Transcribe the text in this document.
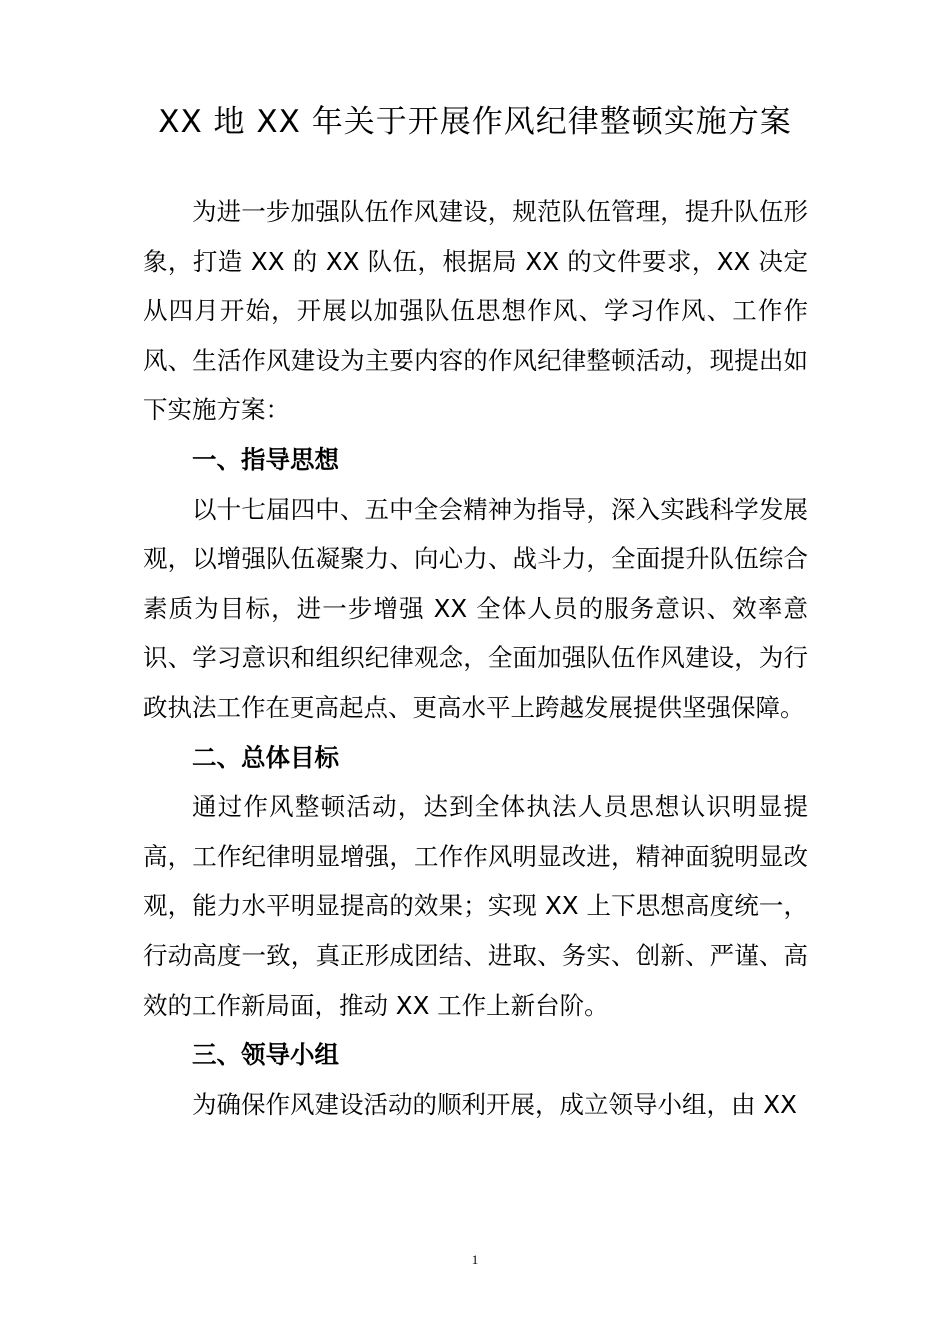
XX 地 XX 年关于开展作风纪律整顿实施方案

为进一步加强队伍作风建设，规范队伍管理，提升队伍形象，打造 XX 的 XX 队伍，根据局 XX 的文件要求，XX 决定从四月开始，开展以加强队伍思想作风、学习作风、工作作风、生活作风建设为主要内容的作风纪律整顿活动，现提出如下实施方案：

一、指导思想

以十七届四中、五中全会精神为指导，深入实践科学发展观，以增强队伍凝聚力、向心力、战斗力，全面提升队伍综合素质为目标，进一步增强 XX 全体人员的服务意识、效率意识、学习意识和组织纪律观念，全面加强队伍作风建设，为行政执法工作在更高起点、更高水平上跨越发展提供坚强保障。

二、总体目标

通过作风整顿活动，达到全体执法人员思想认识明显提高，工作纪律明显增强，工作作风明显改进，精神面貌明显改观，能力水平明显提高的效果；实现 XX 上下思想高度统一，行动高度一致，真正形成团结、进取、务实、创新、严谨、高效的工作新局面，推动 XX 工作上新台阶。

三、领导小组

为确保作风建设活动的顺利开展，成立领导小组，由 XX

1
